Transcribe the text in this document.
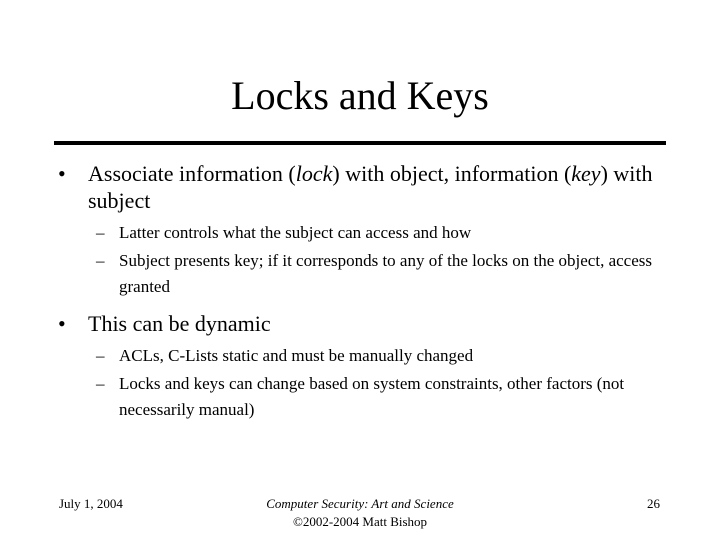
Locks and Keys
• Associate information (lock) with object, information (key) with subject
– Latter controls what the subject can access and how
– Subject presents key; if it corresponds to any of the locks on the object, access granted
• This can be dynamic
– ACLs, C-Lists static and must be manually changed
– Locks and keys can change based on system constraints, other factors (not necessarily manual)
July 1, 2004	Computer Security: Art and Science
©2002-2004 Matt Bishop
26
